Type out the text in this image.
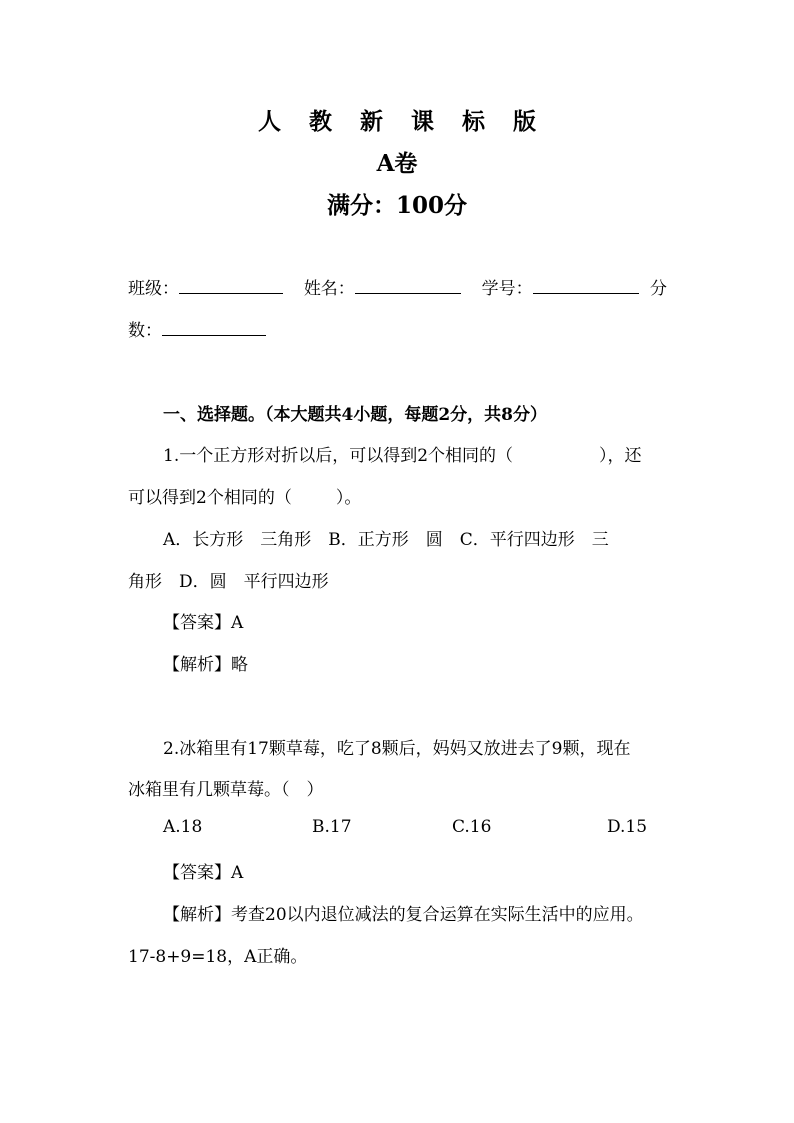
人 教 新 课 标 版
A卷
满分：100分
班级：	姓名：	学号：	分
数：
一、选择题。（本大题共4小题，每题2分，共8分）
1.一个正方形对折以后，可以得到2个相同的（	），还
可以得到2个相同的（	）。
A．长方形　三角形　B．正方形　圆　C．平行四边形　三
角形　D．圆　平行四边形
【答案】A
【解析】略
2.冰箱里有17颗草莓，吃了8颗后，妈妈又放进去了9颗，现在
冰箱里有几颗草莓。（　）
A.18	B.17	C.16	D.15
【答案】A
【解析】考查20以内退位减法的复合运算在实际生活中的应用。
17-8+9=18，A正确。
